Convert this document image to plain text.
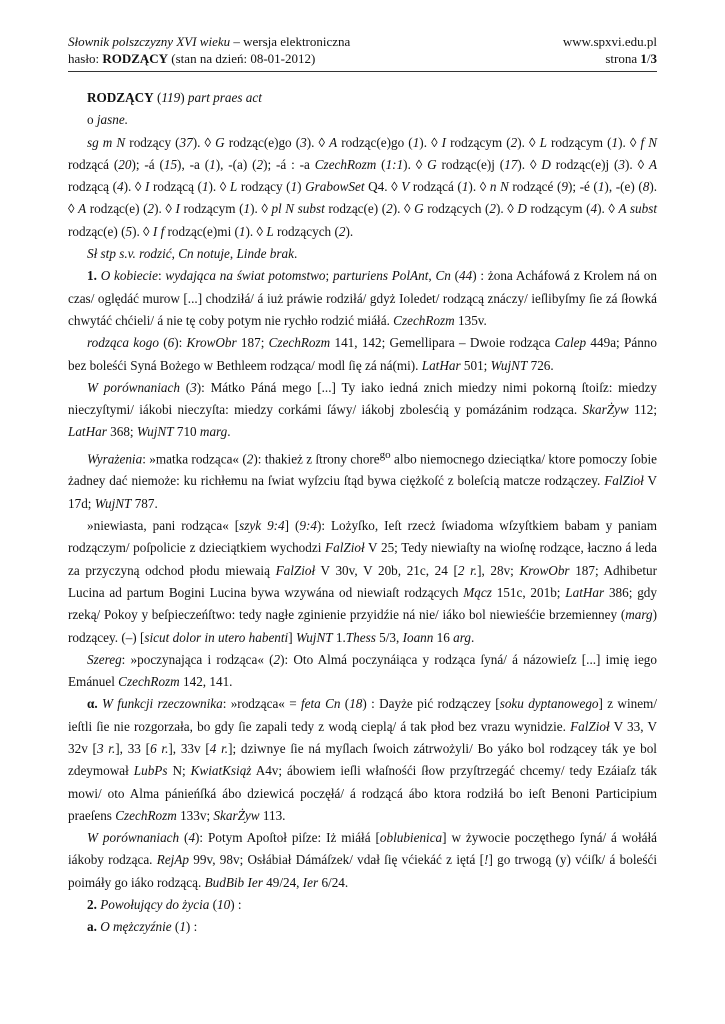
Słownik polszczyzny XVI wieku – wersja elektroniczna	www.spxvi.edu.pl
hasło: RODZĄCY (stan na dzień: 08-01-2012)	strona 1/3

RODZĄCY (119) part praes act

o jasne.

sg m N rodzący (37). ◊ G rodząc(e)go (3). ◊ A rodząc(e)go (1). ◊ I rodzącym (2). ◊ L rodzącym (1). ◊ f N rodzącá (20); -á (15), -a (1), -(a) (2); -á : -a CzechRozm (1:1). ◊ G rodząc(e)j (17). ◊ D rodząc(e)j (3). ◊ A rodzącą (4). ◊ I rodzącą (1). ◊ L rodzący (1) GrabowSet Q4. ◊ V rodzącá (1). ◊ n N rodzącé (9); -é (1), -(e) (8). ◊ A rodząc(e) (2). ◊ I rodzącym (1). ◊ pl N subst rodząc(e) (2). ◊ G rodzących (2). ◊ D rodzącym (4). ◊ A subst rodząc(e) (5). ◊ I f rodząc(e)mi (1). ◊ L rodzących (2).

Sł stp s.v. rodzić, Cn notuje, Linde brak.

1. O kobiecie: wydająca na świat potomstwo; parturiens PolAnt, Cn (44) : żona Acháfowá z Krolem ná on czas/ oględáć murow [...] chodziłá/ á iuż práwie rodziłá/ gdyż Ioledet/ rodzącą znáczy/ ieſlibyſmy ſie zá ſłowká chwytáć chćieli/ á nie tę coby potym nie rychło rodzić miáłá. CzechRozm 135v.

rodząca kogo (6): KrowObr 187; CzechRozm 141, 142; Gemellipara – Dwoie rodząca Calep 449a; Pánno bez boleśći Syná Bożego w Bethleem rodząca/ modl ſię zá ná(mi). LatHar 501; WujNT 726.

W porównaniach (3): Mátko Páná mego [...] Ty iako iedná znich miedzy nimi pokorną ſtoiſz: miedzy nieczyſtymi/ iákobi nieczyſta: miedzy corkámi ſáwy/ iákobj zbolesćią y pomázánim rodząca. SkarŻyw 112; LatHar 368; WujNT 710 marg.

Wyrażenia: »matka rodząca« (2): thakież z ſtrony chore$^{go}$ albo niemocnego dzieciątka/ ktore pomoczy ſobie żadney dać niemoże: ku richłemu na ſwiat wyſzciu ſtąd bywa ciężkoſć z boleſcią matcze rodzączey. FalZioł V 17d; WujNT 787.

»niewiasta, pani rodząca« [szyk 9:4] (9:4): Lożyſko, Ieſt rzecż ſwiadoma wſzyſtkiem babam y paniam rodzączym/ poſpolicie z dzieciątkiem wychodzi FalZioł V 25; Tedy niewiaſty na wioſnę rodzące, łaczno á leda za przyczyną odchod płodu miewaią FalZioł V 30v, V 20b, 21c, 24 [2 r.], 28v; KrowObr 187; Adhibetur Lucina ad partum Bogini Lucina bywa wzywána od niewiaſt rodzących Mącz 151c, 201b; LatHar 386; gdy rzeką/ Pokoy y beſpieczeńſtwo: tedy nagłe zginienie przyidźie ná nie/ iáko bol niewieśćie brzemienney (marg) rodzącey. (–) [sicut dolor in utero habenti] WujNT 1.Thess 5/3, Ioann 16 arg.

Szereg: »poczynająca i rodząca« (2): Oto Almá poczynáiąca y rodząca ſyná/ á názowieſz [...] imię iego Emánuel CzechRozm 142, 141.

α. W funkcji rzeczownika: »rodząca« = feta Cn (18) : Dayże pić rodzączey [soku dyptanowego] z winem/ ieſtli ſie nie rozgorzała, bo gdy ſie zapali tedy z wodą cieplą/ á tak płod bez vrazu wynidzie. FalZioł V 33, V 32v [3 r.], 33 [6 r.], 33v [4 r.]; dziwnye ſie ná myſlach ſwoich zátrwożyli/ Bo yáko bol rodzącey ták ye bol zdeymował LubPs N; KwiatKsiąż A4v; ábowiem ieſli właſnośći ſłow przyſtrzegáć chcemy/ tedy Ezáiaſz ták mowi/ oto Alma pánieńſká ábo dziewicá poczęłá/ á rodzącá ábo ktora rodziłá bo ieſt Benoni Participium praeſens CzechRozm 133v; SkarŻyw 113.

W porównaniach (4): Potym Apoſtoł piſze: Iż miáłá [oblubienica] w żywocie poczęthego ſyná/ á wołáłá iákoby rodząca. RejAp 99v, 98v; Osłábiał Dámáſzek/ vdał ſię vćiekáć z iętá [!] go trwogą (y) vćiſk/ á boleśći poimáły go iáko rodzącą. BudBib Ier 49/24, Ier 6/24.

2. Powołujący do życia (10) :

a. O mężczyźnie (1) :
